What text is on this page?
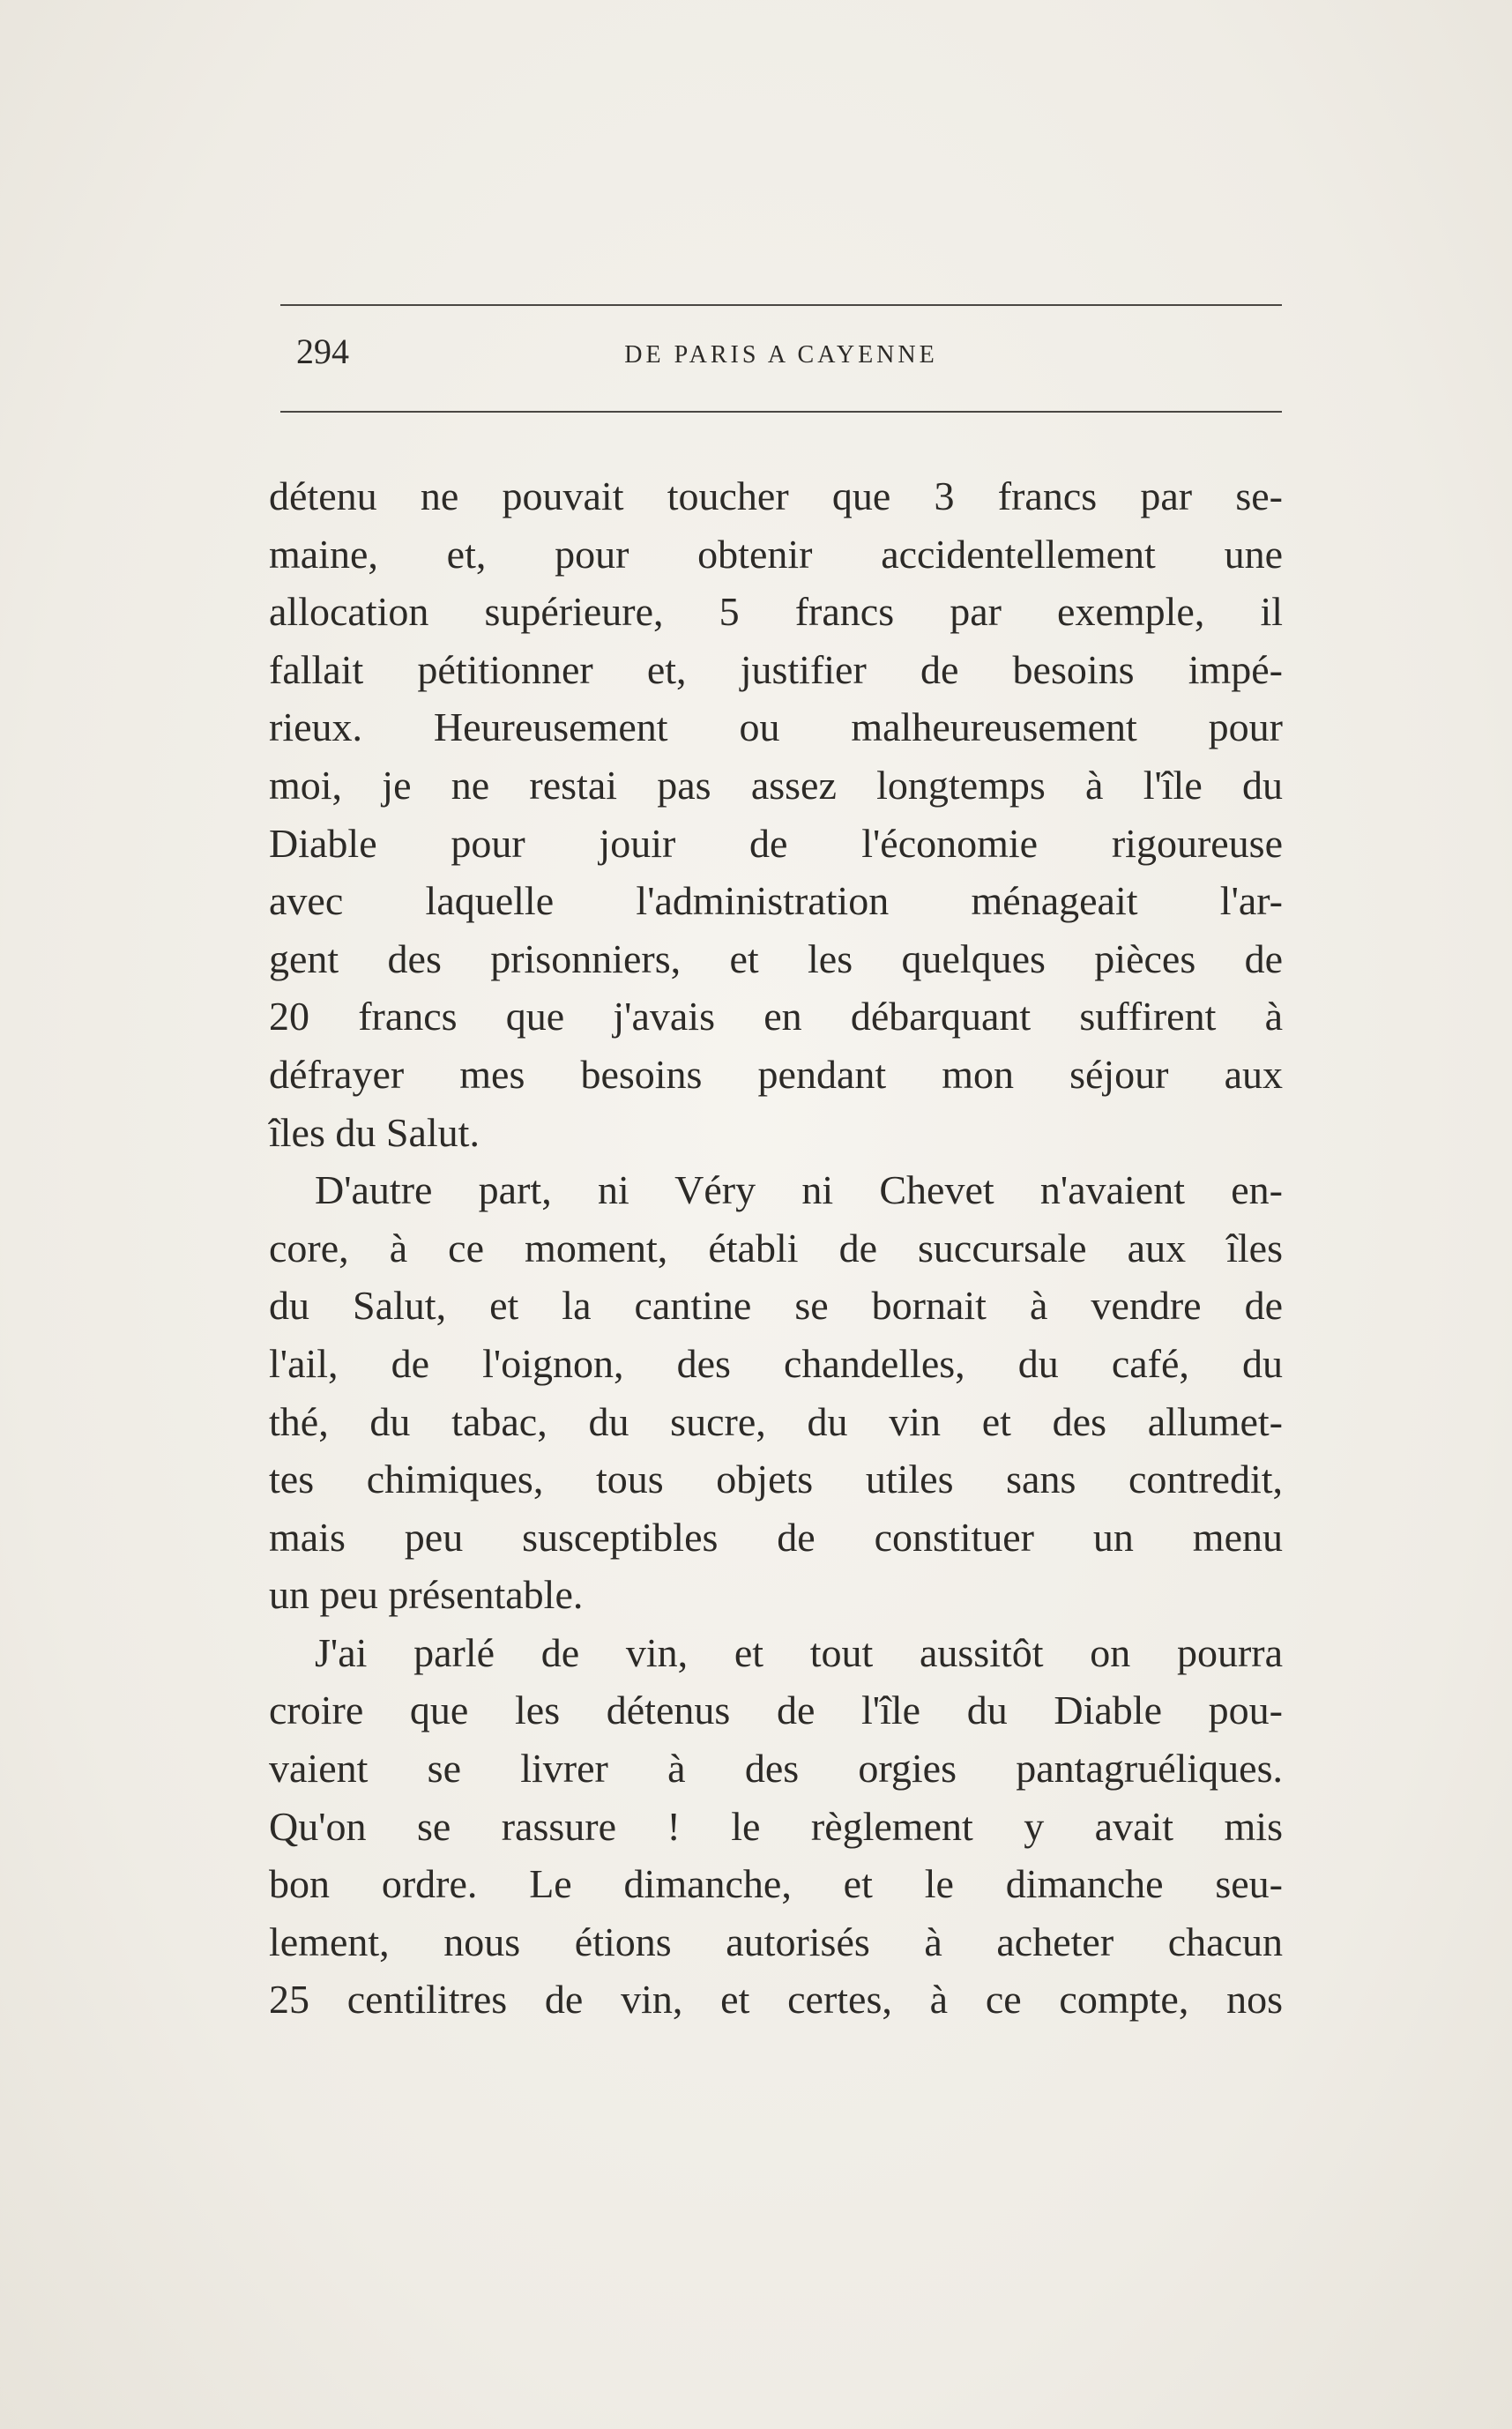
294	DE PARIS A CAYENNE
détenu ne pouvait toucher que 3 francs par se-
maine, et, pour obtenir accidentellement une
allocation supérieure, 5 francs par exemple, il
fallait pétitionner et, justifier de besoins impé-
rieux. Heureusement ou malheureusement pour
moi, je ne restai pas assez longtemps à l'île du
Diable pour jouir de l'économie rigoureuse
avec laquelle l'administration ménageait l'ar-
gent des prisonniers, et les quelques pièces de
20 francs que j'avais en débarquant suffirent à
défrayer mes besoins pendant mon séjour aux
îles du Salut.
D'autre part, ni Véry ni Chevet n'avaient en-
core, à ce moment, établi de succursale aux îles
du Salut, et la cantine se bornait à vendre de
l'ail, de l'oignon, des chandelles, du café, du
thé, du tabac, du sucre, du vin et des allumet-
tes chimiques, tous objets utiles sans contredit,
mais peu susceptibles de constituer un menu
un peu présentable.
J'ai parlé de vin, et tout aussitôt on pourra
croire que les détenus de l'île du Diable pou-
vaient se livrer à des orgies pantagruéliques.
Qu'on se rassure ! le règlement y avait mis
bon ordre. Le dimanche, et le dimanche seu-
lement, nous étions autorisés à acheter chacun
25 centilitres de vin, et certes, à ce compte, nos
